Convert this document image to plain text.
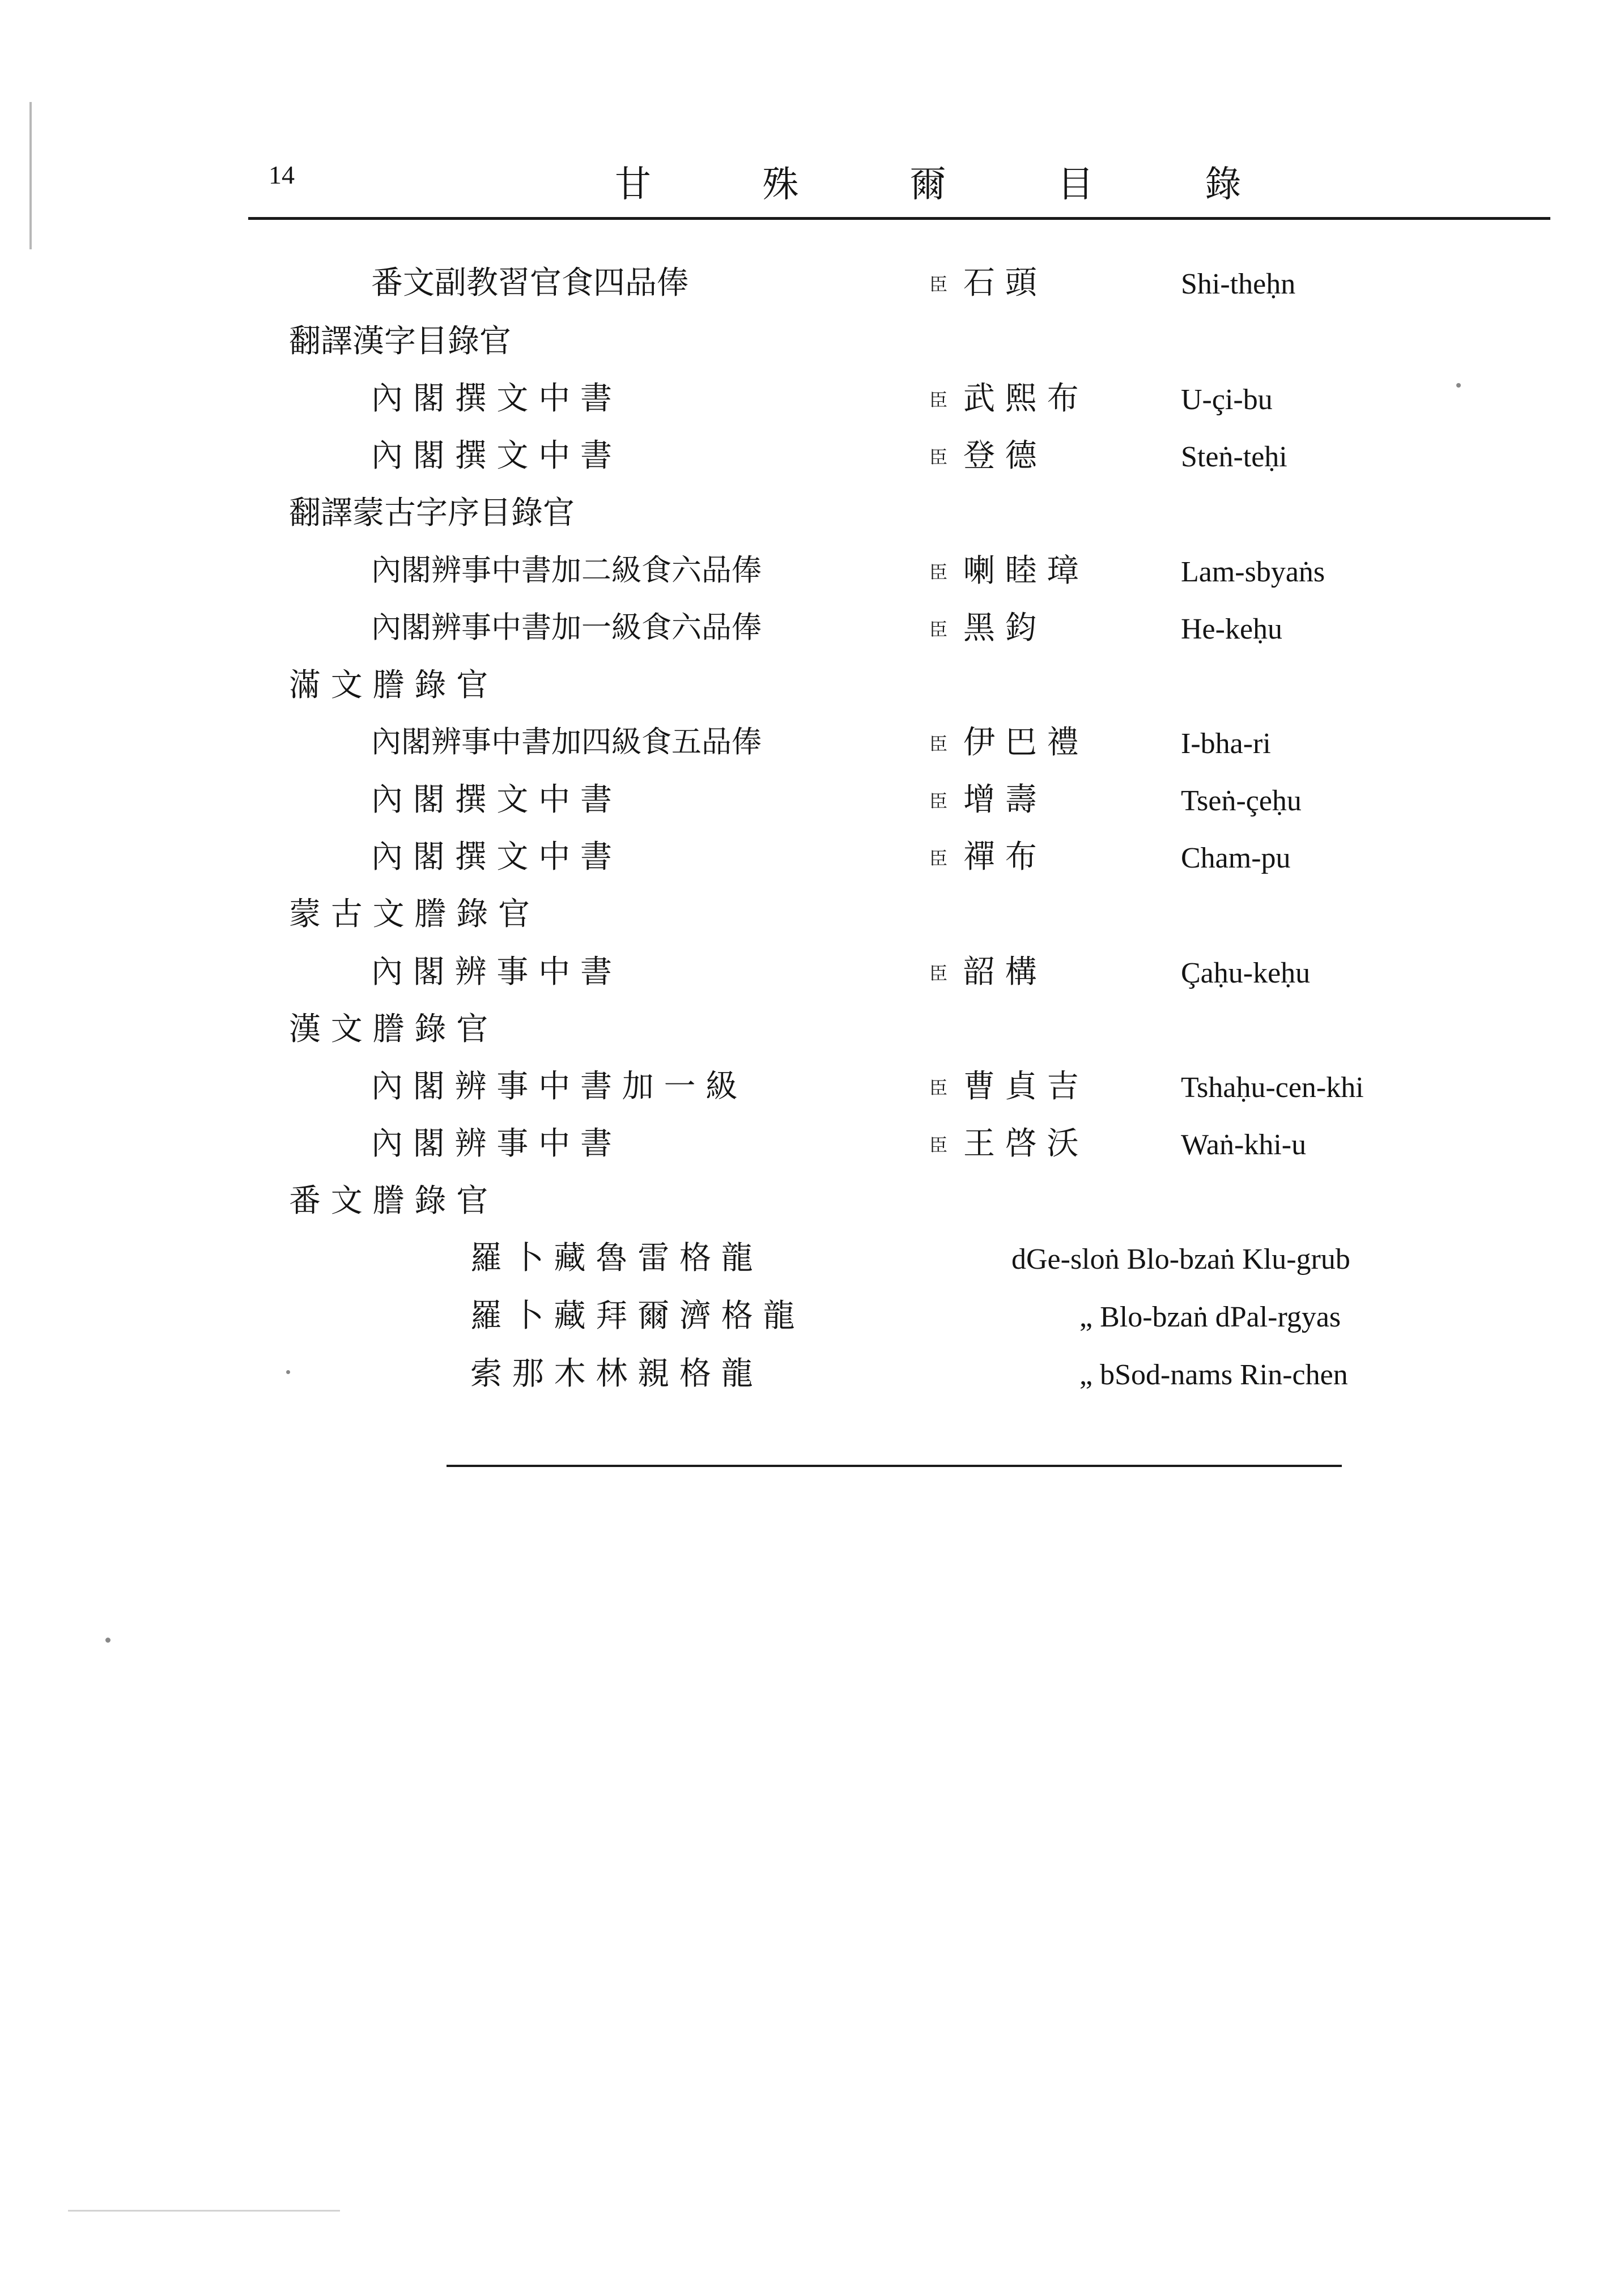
14	甘 殊 爾 目 錄
番文副教習官食四品俸	臣 石 頭	Shi-theḥn
翻譯漢字目錄官
內 閣 撰 文 中 書	臣 武 熙 布	U-çi-bu
內 閣 撰 文 中 書	臣 登 德	Steṅ-teḥi
翻譯蒙古字序目錄官
內閣辨事中書加二級食六品俸	臣 喇 睦 璋	Lam-sbyaṅs
內閣辨事中書加一級食六品俸	臣 黑 鈞	He-keḥu
滿 文 謄 錄 官
內閣辨事中書加四級食五品俸	臣 伊 巴 禮	I-bha-ri
內 閣 撰 文 中 書	臣 增 壽	Tseṅ-çeḥu
內 閣 撰 文 中 書	臣 禪 布	Cham-pu
蒙 古 文 謄 錄 官
內 閣 辨 事 中 書	臣 韶 構	Çaḥu-keḥu
漢 文 謄 錄 官
內 閣 辨 事 中 書 加 一 級	臣 曹 貞 吉	Tshaḥu-cen-khi
內 閣 辨 事 中 書	臣 王 啓 沃	Waṅ-khi-u
番 文 謄 錄 官
羅 卜 藏 魯 雷 格 龍	dGe-sloṅ Blo-bzaṅ Klu-grub
羅 卜 藏 拜 爾 濟 格 龍	„ Blo-bzaṅ dPal-rgyas
索 那 木 林 親 格 龍	„ bSod-nams Rin-chen
